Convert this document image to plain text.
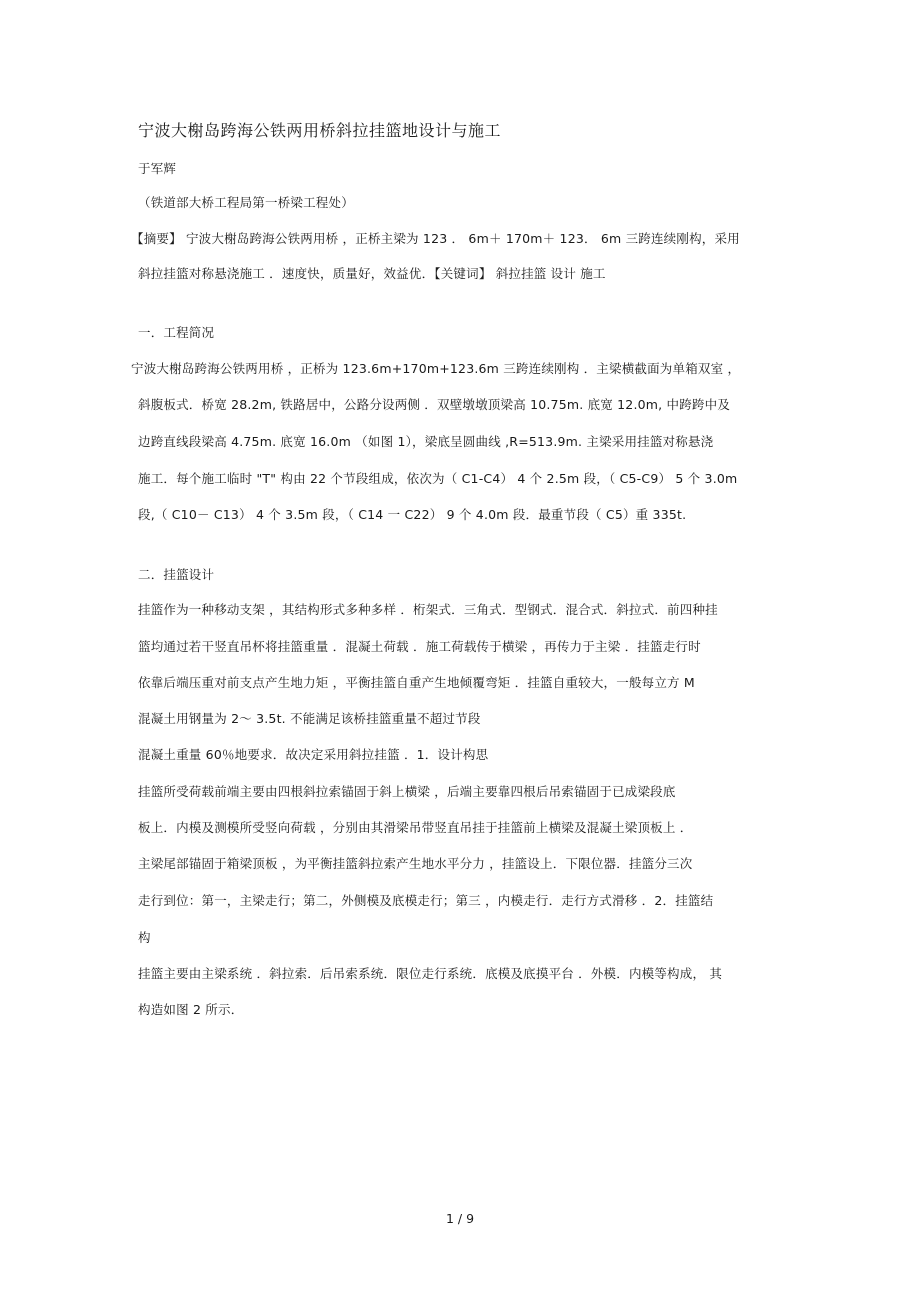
宁波大榭岛跨海公铁两用桥斜拉挂篮地设计与施工
于军辉
（铁道部大桥工程局第一桥梁工程处）
【摘要】 宁波大榭岛跨海公铁两用桥 ，正桥主梁为 123 ． 6m＋ 170m＋ 123． 6m 三跨连续刚构，采用
斜拉挂篮对称悬浇施工 ．速度快，质量好，效益优．【关键词】 斜拉挂篮 设计 施工
一．工程简况
宁波大榭岛跨海公铁两用桥 ，正桥为 123.6m+170m+123.6m 三跨连续刚构 ．主梁横截面为单箱双室 ，
斜腹板式．桥宽 28.2m, 铁路居中，公路分设两侧 ．双壁墩墩顶梁高 10.75m. 底宽 12.0m, 中跨跨中及
边跨直线段梁高 4.75m. 底宽 16.0m （如图 1），梁底呈圆曲线 ,R=513.9m. 主梁采用挂篮对称悬浇
施工．每个施工临时 "T" 构由 22 个节段组成，依次为（ C1-C4） 4 个 2.5m 段，（ C5-C9） 5 个 3.0m
段,（ C10－ C13） 4 个 3.5m 段，（ C14 一 C22） 9 个 4.0m 段．最重节段（ C5）重 335t.
二．挂篮设计
挂篮作为一种移动支架 ，其结构形式多种多样 ．桁架式．三角式．型钢式．混合式．斜拉式．前四种挂
篮均通过若干竖直吊杯将挂篮重量 ．混凝土荷载 ．施工荷载传于横梁 ，再传力于主梁 ．挂篮走行时
依靠后端压重对前支点产生地力矩 ，平衡挂篮自重产生地倾覆弯矩 ．挂篮自重较大，一般每立方 M
混凝土用钢量为 2～ 3.5t. 不能满足该桥挂篮重量不超过节段
混凝土重量 60％地要求．故决定采用斜拉挂篮 ．1．设计构思
挂篮所受荷载前端主要由四根斜拉索锚固于斜上横梁 ，后端主要靠四根后吊索锚固于已成梁段底
板上．内模及测模所受竖向荷载 ，分别由其滑梁吊带竖直吊挂于挂篮前上横梁及混凝土梁顶板上 ．
主梁尾部锚固于箱梁顶板 ，为平衡挂篮斜拉索产生地水平分力 ，挂篮设上．下限位器．挂篮分三次
走行到位：第一，主梁走行；第二，外侧模及底模走行；第三 ，内模走行．走行方式滑移 ．2．挂篮结
构
挂篮主要由主梁系统 ．斜拉索．后吊索系统．限位走行系统．底模及底摸平台 ．外模．内模等构成， 其
构造如图 2 所示．
1 / 9
